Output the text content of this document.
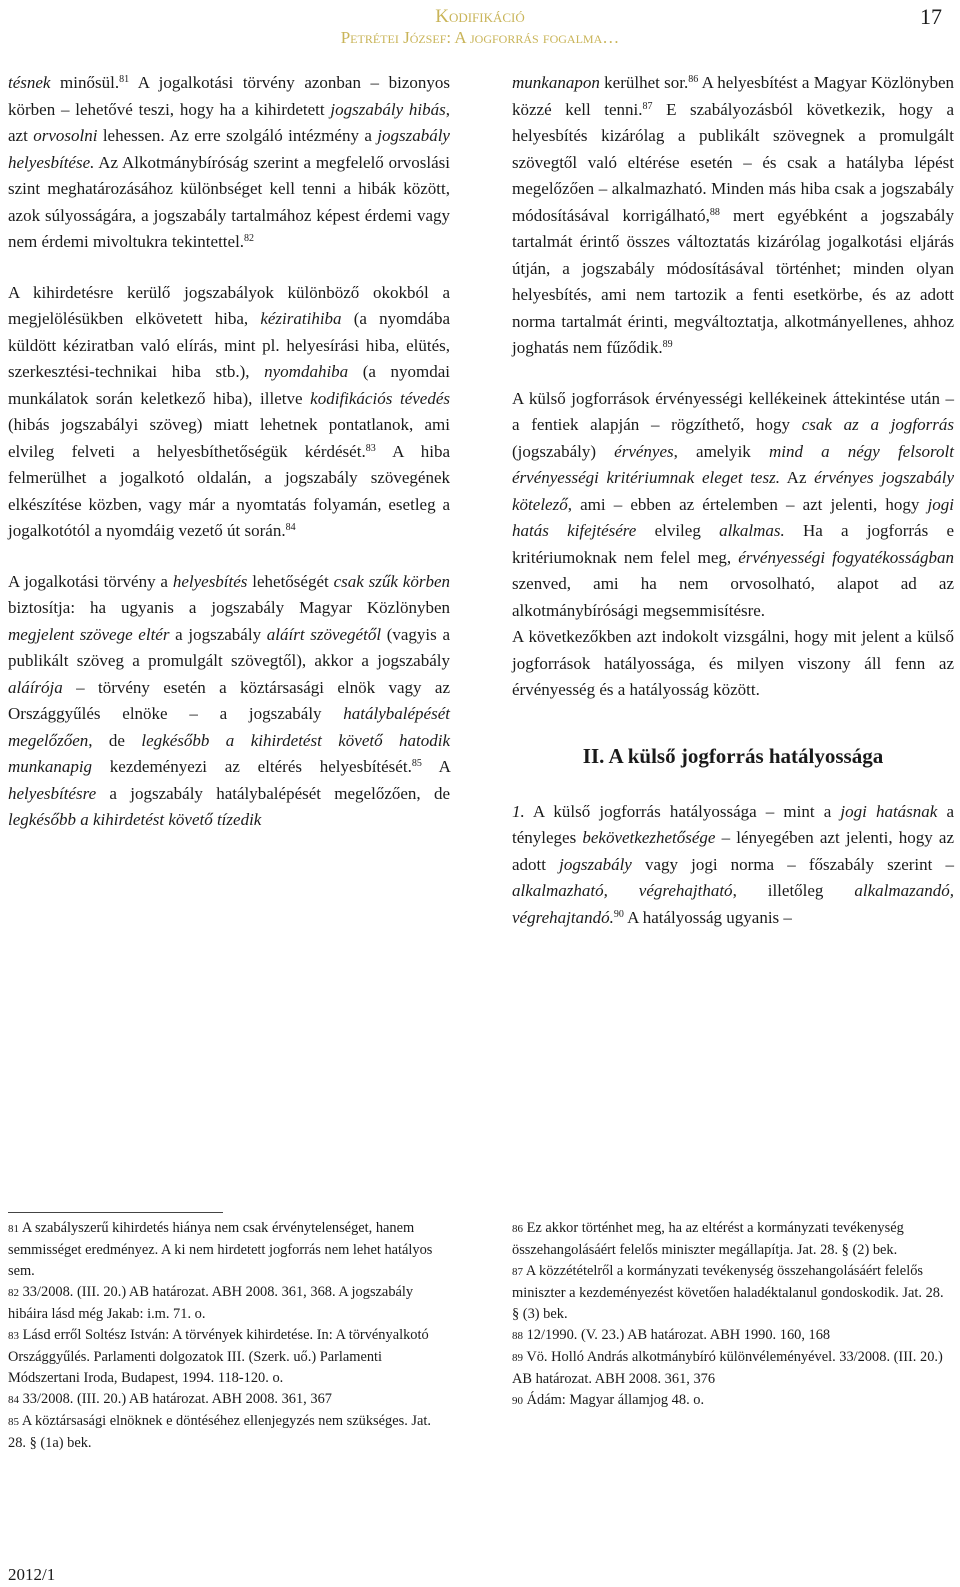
Kodifikáció
Petrétei József: A jogforrás fogalma…
17

tésnek minősül.$^{81}$ A jogalkotási törvény azonban – bizonyos körben – lehetővé teszi, hogy ha a kihirdetett jogszabály hibás, azt orvosolni lehessen. Az erre szolgáló intézmény a jogszabály helyesbítése. Az Alkotmánybíróság szerint a megfelelő orvoslási szint meghatározásához különbséget kell tenni a hibák között, azok súlyosságára, a jogszabály tartalmához képest érdemi vagy nem érdemi mivoltukra tekintettel.$^{82}$

A kihirdetésre kerülő jogszabályok különböző okokból a megjelölésükben elkövetett hiba, kéziratihiba (a nyomdába küldött kéziratban való elírás, mint pl. helyesírási hiba, elütés, szerkesztési-technikai hiba stb.), nyomdahiba (a nyomdai munkálatok során keletkező hiba), illetve kodifikációs tévedés (hibás jogszabályi szöveg) miatt lehetnek pontatlanok, ami elvileg felveti a helyesbíthetőségük kérdését.$^{83}$ A hiba felmerülhet a jogalkotó oldalán, a jogszabály szövegének elkészítése közben, vagy már a nyomtatás folyamán, esetleg a jogalkotótól a nyomdáig vezető út során.$^{84}$

A jogalkotási törvény a helyesbítés lehetőségét csak szűk körben biztosítja: ha ugyanis a jogszabály Magyar Közlönyben megjelent szövege eltér a jogszabály aláírt szövegétől (vagyis a publikált szöveg a promulgált szövegtől), akkor a jogszabály aláírója – törvény esetén a köztársasági elnök vagy az Országgyűlés elnöke – a jogszabály hatálybalépését megelőzően, de legkésőbb a kihirdetést követő hatodik munkanapig kezdeményezi az eltérés helyesbítését.$^{85}$ A helyesbítésre a jogszabály hatálybalépését megelőzően, de legkésőbb a kihirdetést követő tízedik

munkanapon kerülhet sor.$^{86}$ A helyesbítést a Magyar Közlönyben közzé kell tenni.$^{87}$ E szabályozásból következik, hogy a helyesbítés kizárólag a publikált szövegnek a promulgált szövegtől való eltérése esetén – és csak a hatályba lépést megelőzően – alkalmazható. Minden más hiba csak a jogszabály módosításával korrigálható,$^{88}$ mert egyébként a jogszabály tartalmát érintő összes változtatás kizárólag jogalkotási eljárás útján, a jogszabály módosításával történhet; minden olyan helyesbítés, ami nem tartozik a fenti esetkörbe, és az adott norma tartalmát érinti, megváltoztatja, alkotmányellenes, ahhoz joghatás nem fűződik.$^{89}$

A külső jogforrások érvényességi kellékeinek áttekintése után – a fentiek alapján – rögzíthető, hogy csak az a jogforrás (jogszabály) érvényes, amelyik mind a négy felsorolt érvényességi kritériumnak eleget tesz. Az érvényes jogszabály kötelező, ami – ebben az értelemben – azt jelenti, hogy jogi hatás kifejtésére elvileg alkalmas. Ha a jogforrás e kritériumoknak nem felel meg, érvényességi fogyatékosságban szenved, ami ha nem orvosolható, alapot ad az alkotmánybírósági megsemmisítésre.

A következőkben azt indokolt vizsgálni, hogy mit jelent a külső jogforrások hatályossága, és milyen viszony áll fenn az érvényesség és a hatályosság között.

II. A külső jogforrás hatályossága

1. A külső jogforrás hatályossága – mint a jogi hatásnak a tényleges bekövetkezhetősége – lényegében azt jelenti, hogy az adott jogszabály vagy jogi norma – főszabály szerint – alkalmazható, végrehajtható, illetőleg alkalmazandó, végrehajtandó.$^{90}$ A hatályosság ugyanis –

81 A szabályszerű kihirdetés hiánya nem csak érvénytelenséget, hanem semmisséget eredményez. A ki nem hirdetett jogforrás nem lehet hatályos sem.

82 33/2008. (III. 20.) AB határozat. ABH 2008. 361, 368. A jogszabály hibáira lásd még Jakab: i.m. 71. o.

83 Lásd erről Soltész István: A törvények kihirdetése. In: A törvényalkotó Országgyűlés. Parlamenti dolgozatok III. (Szerk. uő.) Parlamenti Módszertani Iroda, Budapest, 1994. 118-120. o.

84 33/2008. (III. 20.) AB határozat. ABH 2008. 361, 367

85 A köztársasági elnöknek e döntéséhez ellenjegyzés nem szükséges. Jat. 28. § (1a) bek.

86 Ez akkor történhet meg, ha az eltérést a kormányzati tevékenység összehangolásáért felelős miniszter megállapítja. Jat. 28. § (2) bek.

87 A közzétételről a kormányzati tevékenység összehangolásáért felelős miniszter a kezdeményezést követően haladéktalanul gondoskodik. Jat. 28. § (3) bek.

88 12/1990. (V. 23.) AB határozat. ABH 1990. 160, 168

89 Vö. Holló András alkotmánybíró különvéleményével. 33/2008. (III. 20.) AB határozat. ABH 2008. 361, 376

90 Ádám: Magyar államjog 48. o.

2012/1
